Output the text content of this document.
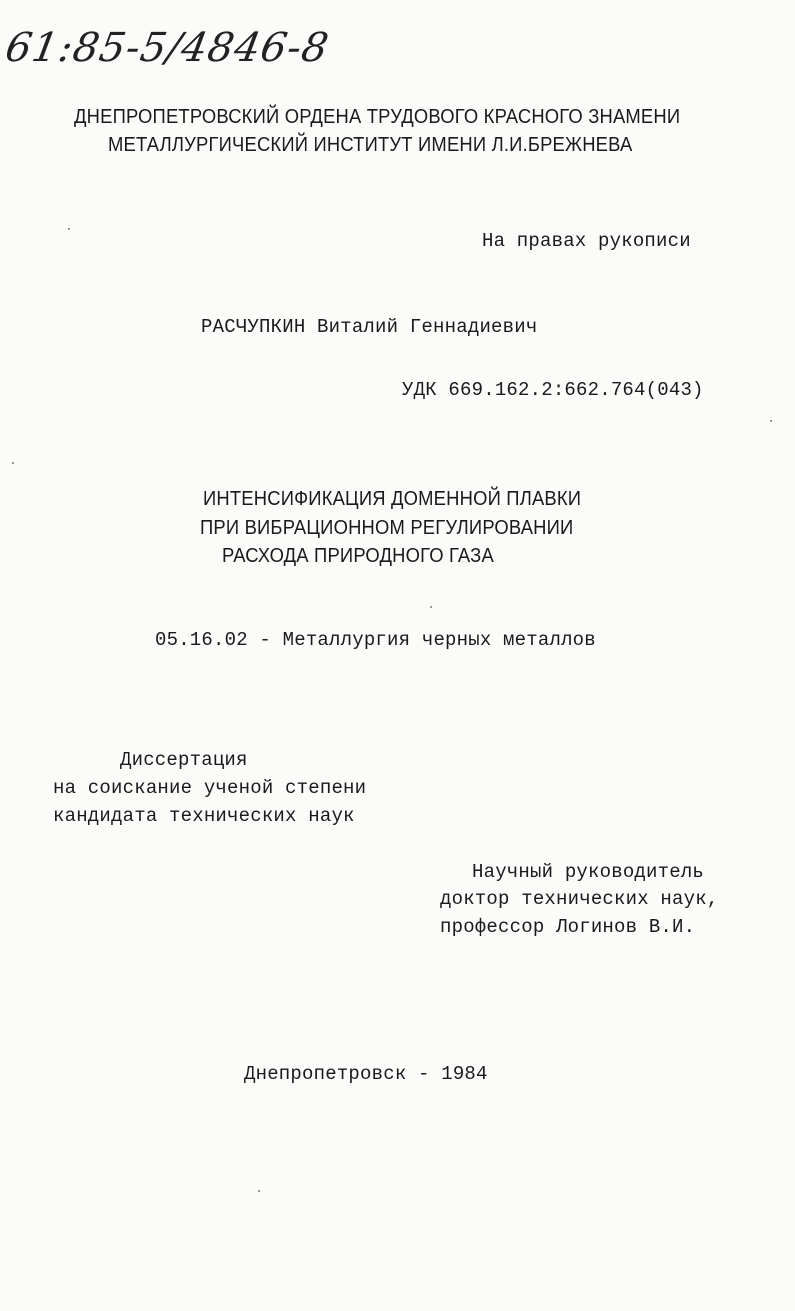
61:85-5/4846-8
ДНЕПРОПЕТРОВСКИЙ ОРДЕНА ТРУДОВОГО КРАСНОГО ЗНАМЕНИ
МЕТАЛЛУРГИЧЕСКИЙ ИНСТИТУТ ИМЕНИ Л.И.БРЕЖНЕВА
На правах рукописи
РАСЧУПКИН Виталий Геннадиевич
УДК 669.162.2:662.764(043)
ИНТЕНСИФИКАЦИЯ ДОМЕННОЙ ПЛАВКИ
ПРИ ВИБРАЦИОННОМ РЕГУЛИРОВАНИИ
РАСХОДА ПРИРОДНОГО ГАЗА
05.16.02 - Металлургия черных металлов
Диссертация
на соискание ученой степени
кандидата технических наук
Научный руководитель
доктор технических наук,
профессор Логинов В.И.
Днепропетровск - 1984
